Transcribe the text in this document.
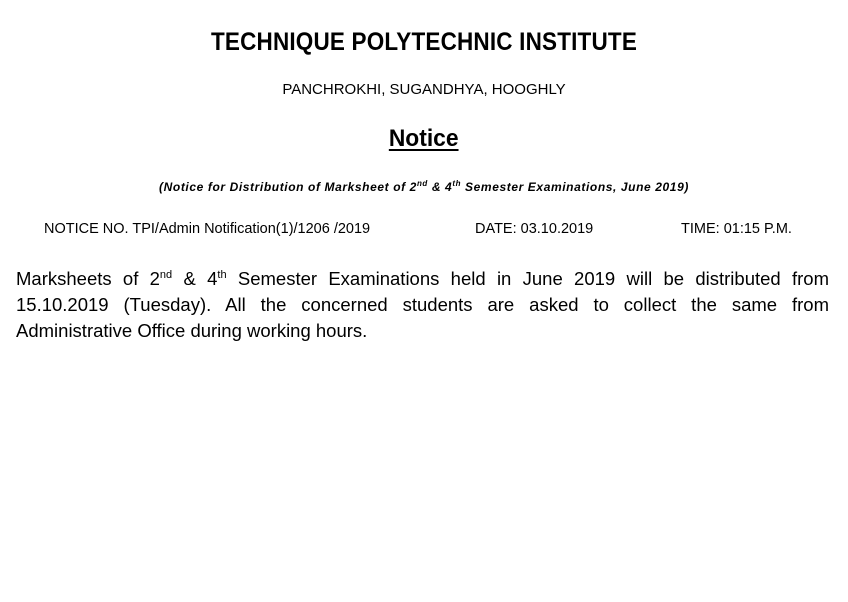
TECHNIQUE POLYTECHNIC INSTITUTE
PANCHROKHI, SUGANDHYA, HOOGHLY
Notice
(Notice for Distribution of Marksheet of 2nd & 4th Semester Examinations, June 2019)
NOTICE NO. TPI/Admin Notification(1)/1206 /2019	DATE: 03.10.2019	TIME: 01:15 P.M.
Marksheets of 2nd & 4th Semester Examinations held in June 2019 will be distributed from 15.10.2019 (Tuesday). All the concerned students are asked to collect the same from Administrative Office during working hours.
